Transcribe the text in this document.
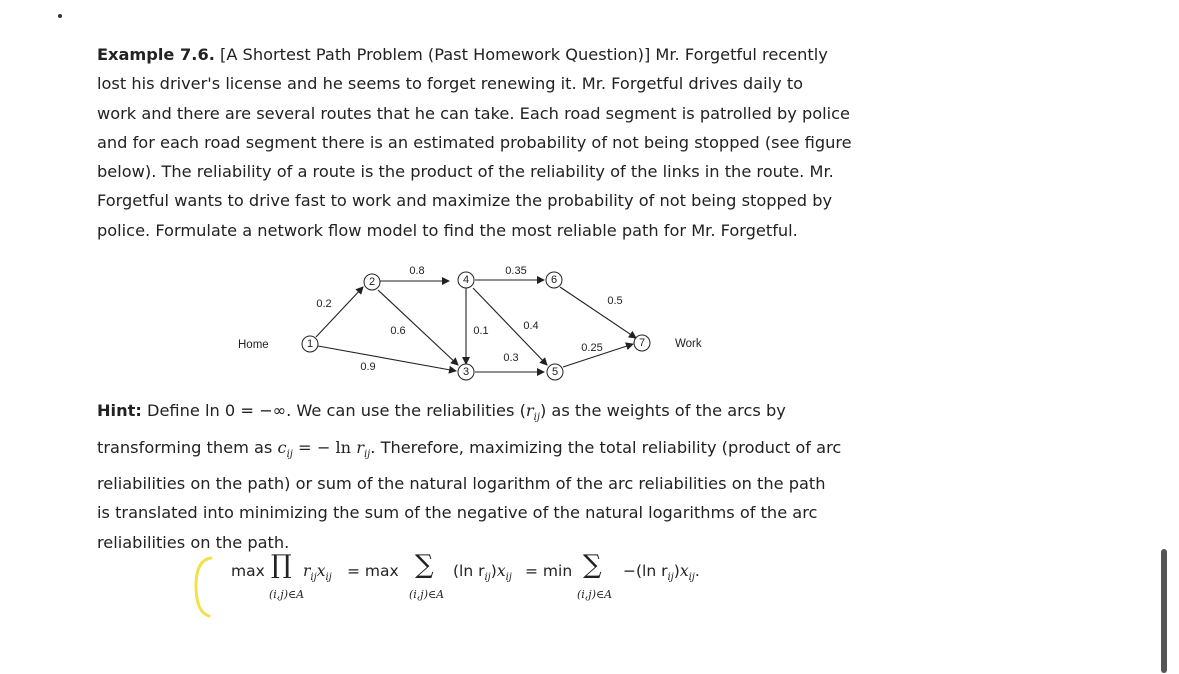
Example 7.6. [A Shortest Path Problem (Past Homework Question)] Mr. Forgetful recently
lost his driver's license and he seems to forget renewing it. Mr. Forgetful drives daily to
work and there are several routes that he can take. Each road segment is patrolled by police
and for each road segment there is an estimated probability of not being stopped (see figure
below). The reliability of a route is the product of the reliability of the links in the route. Mr.
Forgetful wants to drive fast to work and maximize the probability of not being stopped by
police. Formulate a network flow model to find the most reliable path for Mr. Forgetful.

1
2
3
4
5
6
7
Home	Work
0.2
0.9
0.8
0.6	0.1
0.35
0.4
0.3
0.25
0.5

Hint: Define ln 0 = −∞. We can use the reliabilities $(r_{ij})$ as the weights of the arcs by
transforming them as $c_{ij}$ = − $\ln r_{ij}$. Therefore, maximizing the total reliability (product of arc
reliabilities on the path) or sum of the natural logarithm of the arc reliabilities on the path
is translated into minimizing the sum of the negative of the natural logarithms of the arc
reliabilities on the path.

max ∏ $r_{ij}x_{ij} = \max$ ∑ (ln $r_{ij})x_{ij} = \min$ ∑ −(ln $r_{ij})x_{ij}$.
(i,j)∈A	(i,j)∈A	(i,j)∈A
